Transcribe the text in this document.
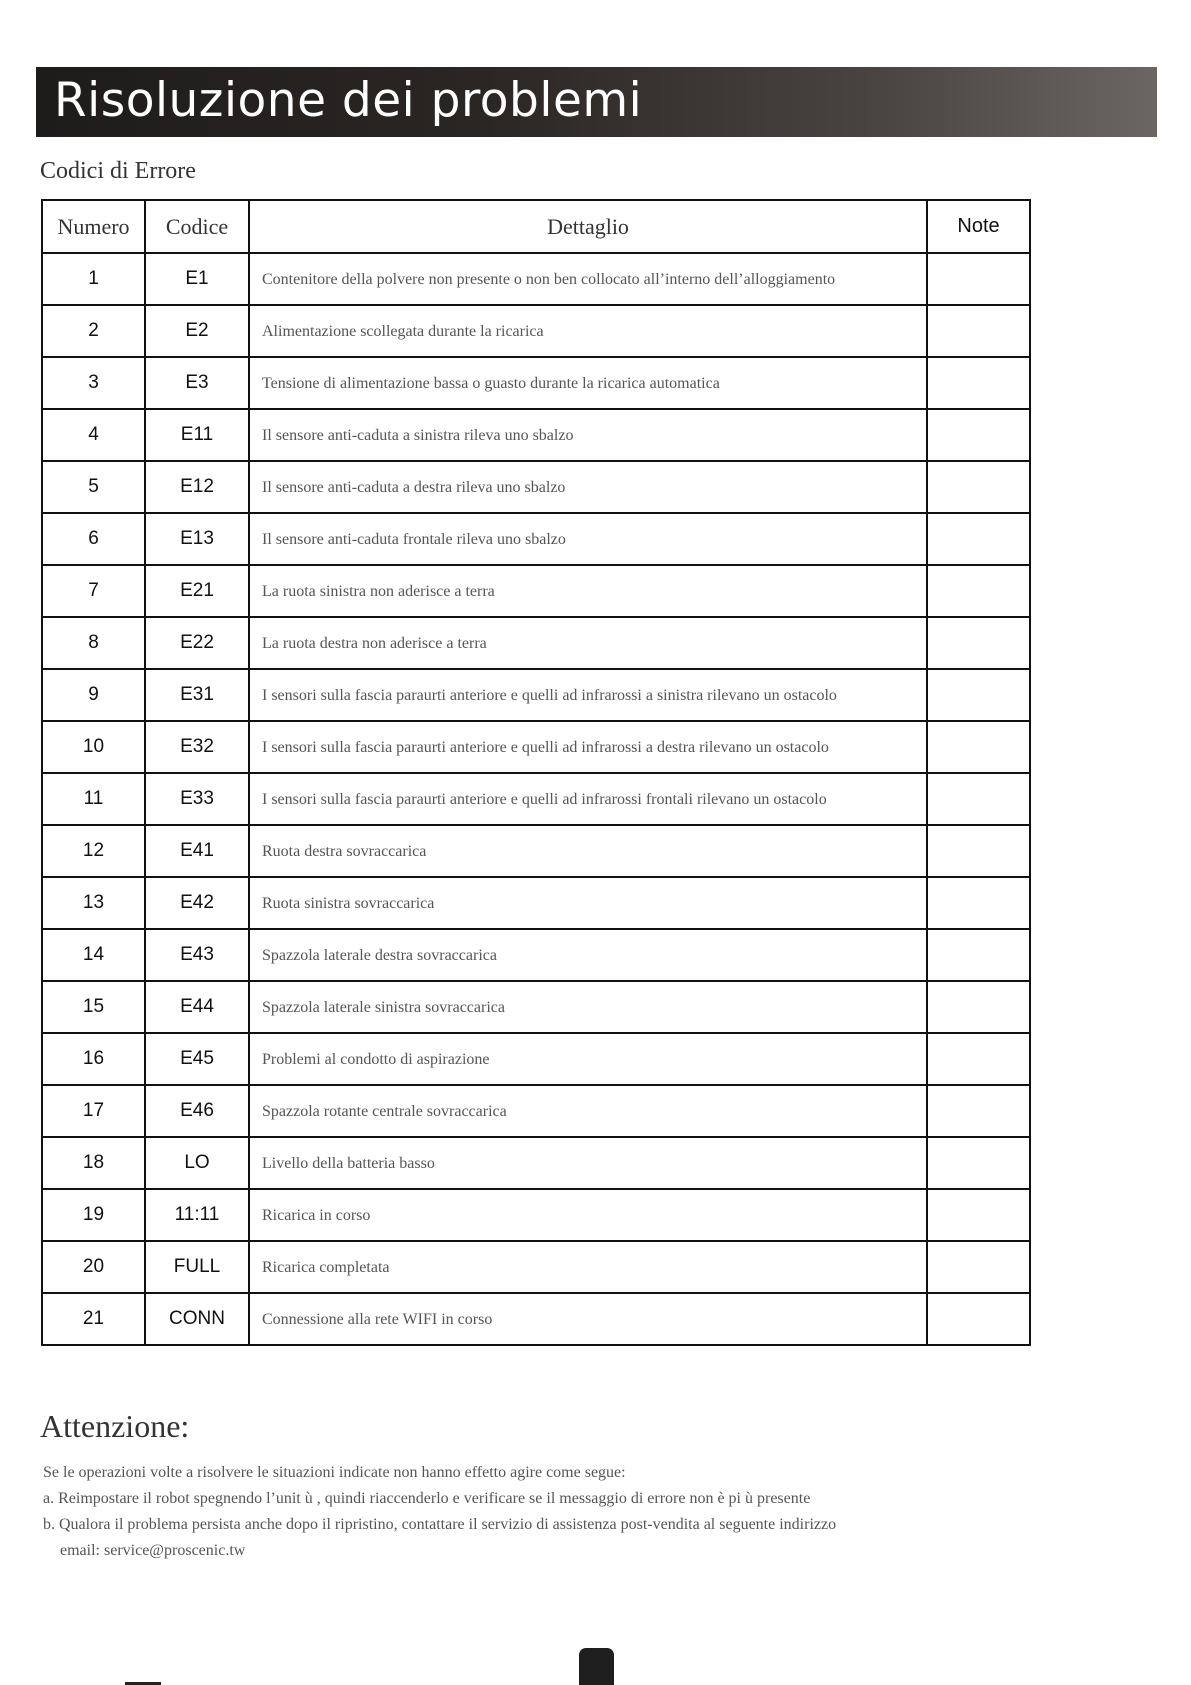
Risoluzione dei problemi
Codici di Errore
Numero	Codice	Dettaglio	Note
1	E1	Contenitore della polvere non presente o non ben collocato all’interno dell’alloggiamento	
2	E2	Alimentazione scollegata durante la ricarica	
3	E3	Tensione di alimentazione bassa o guasto durante la ricarica automatica	
4	E11	Il sensore anti-caduta a sinistra rileva uno sbalzo	
5	E12	Il sensore anti-caduta a destra rileva uno sbalzo	
6	E13	Il sensore anti-caduta frontale rileva uno sbalzo	
7	E21	La ruota sinistra non aderisce a terra	
8	E22	La ruota destra non aderisce a terra	
9	E31	I sensori sulla fascia paraurti anteriore e quelli ad infrarossi a sinistra rilevano un ostacolo	
10	E32	I sensori sulla fascia paraurti anteriore e quelli ad infrarossi a destra rilevano un ostacolo	
11	E33	I sensori sulla fascia paraurti anteriore e quelli ad infrarossi frontali rilevano un ostacolo	
12	E41	Ruota destra sovraccarica	
13	E42	Ruota sinistra sovraccarica	
14	E43	Spazzola laterale destra sovraccarica	
15	E44	Spazzola laterale sinistra sovraccarica	
16	E45	Problemi al condotto di aspirazione	
17	E46	Spazzola rotante centrale sovraccarica	
18	LO	Livello della batteria basso	
19	11:11	Ricarica in corso	
20	FULL	Ricarica completata	
21	CONN	Connessione alla rete WIFI in corso	
Attenzione:

Se le operazioni volte a risolvere le situazioni indicate non hanno effetto agire come segue:

a. Reimpostare il robot spegnendo l’unit ù , quindi riaccenderlo e verificare se il messaggio di errore non è pi ù presente

b. Qualora il problema persista anche dopo il ripristino, contattare il servizio di assistenza post-vendita al seguente indirizzo

email: service@proscenic.tw
